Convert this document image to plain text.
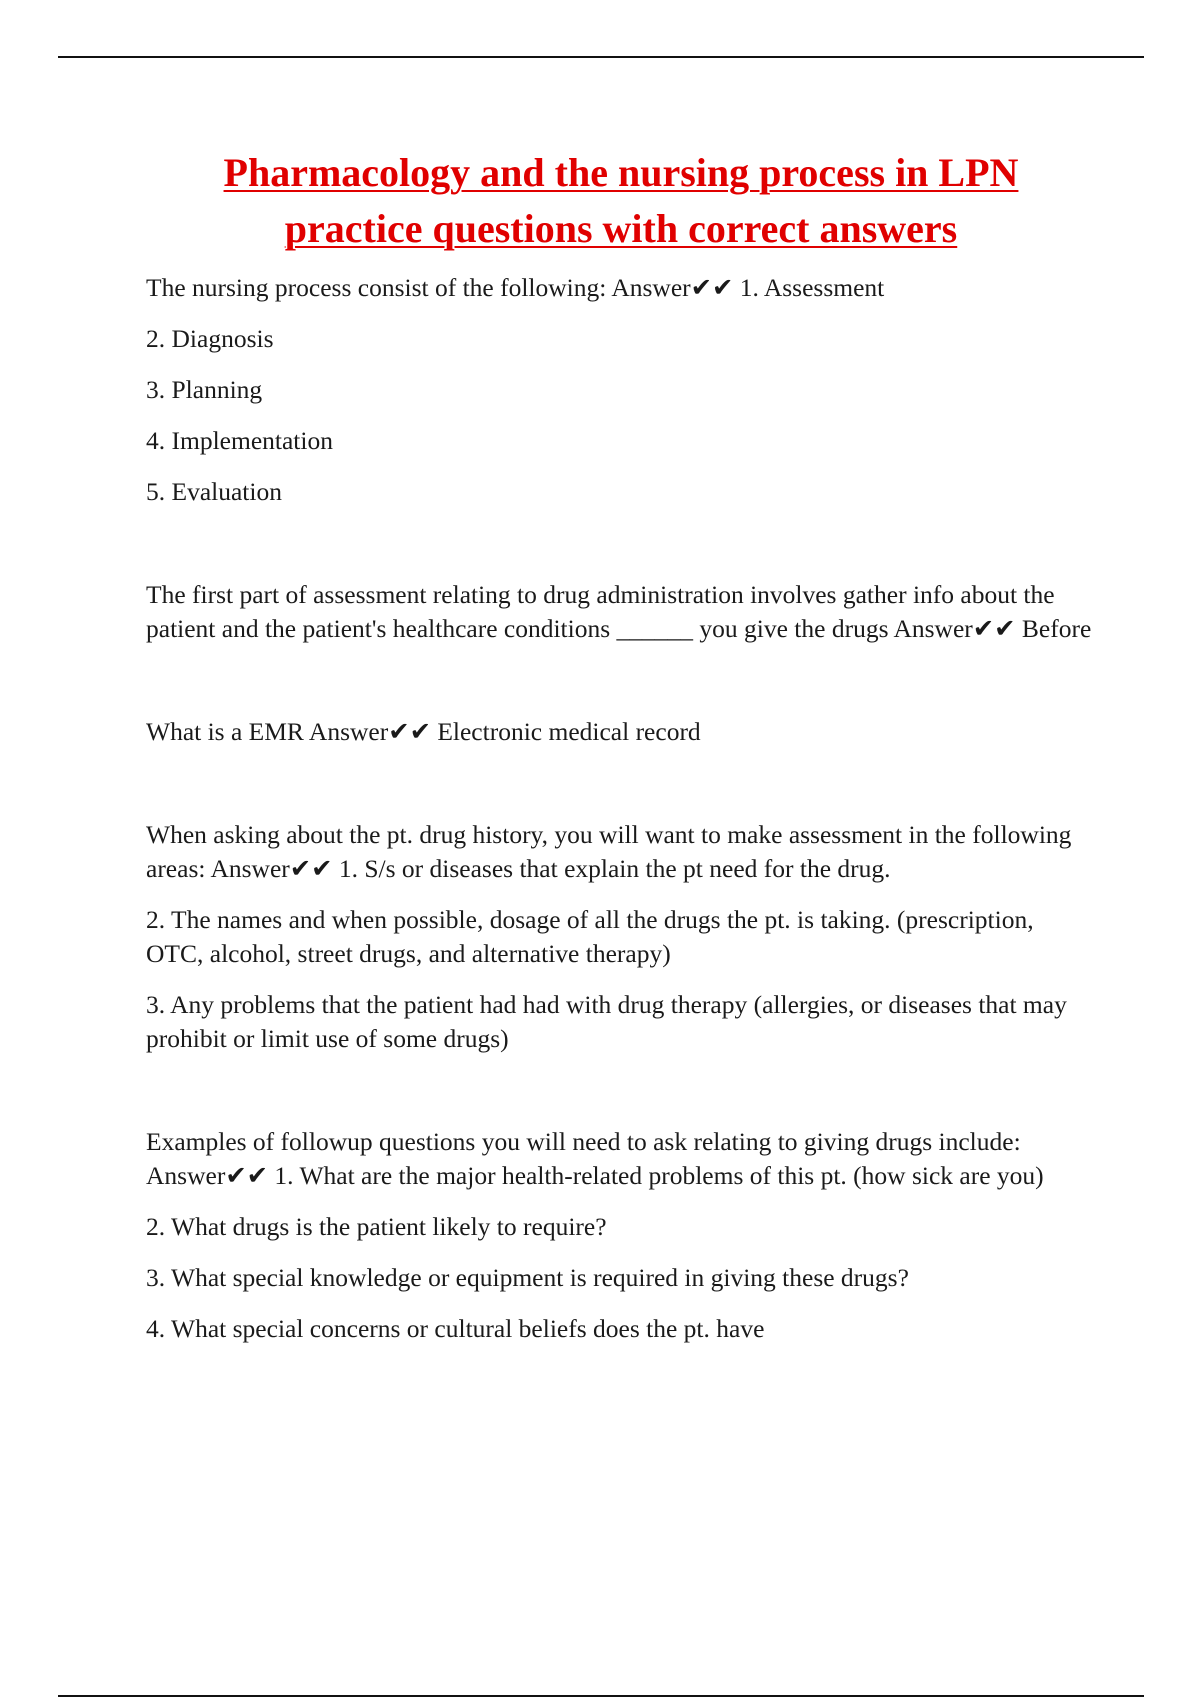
Pharmacology and the nursing process in LPN
practice questions with correct answers

The nursing process consist of the following: Answer✔✔ 1. Assessment

2. Diagnosis

3. Planning

4. Implementation

5. Evaluation

The first part of assessment relating to drug administration involves gather info about the patient and the patient's healthcare conditions ______ you give the drugs Answer✔✔ Before

What is a EMR Answer✔✔ Electronic medical record

When asking about the pt. drug history, you will want to make assessment in the following areas: Answer✔✔ 1. S/s or diseases that explain the pt need for the drug.

2. The names and when possible, dosage of all the drugs the pt. is taking. (prescription, OTC, alcohol, street drugs, and alternative therapy)

3. Any problems that the patient had had with drug therapy (allergies, or diseases that may prohibit or limit use of some drugs)

Examples of followup questions you will need to ask relating to giving drugs include: Answer✔✔ 1. What are the major health-related problems of this pt. (how sick are you)

2. What drugs is the patient likely to require?

3. What special knowledge or equipment is required in giving these drugs?

4. What special concerns or cultural beliefs does the pt. have
